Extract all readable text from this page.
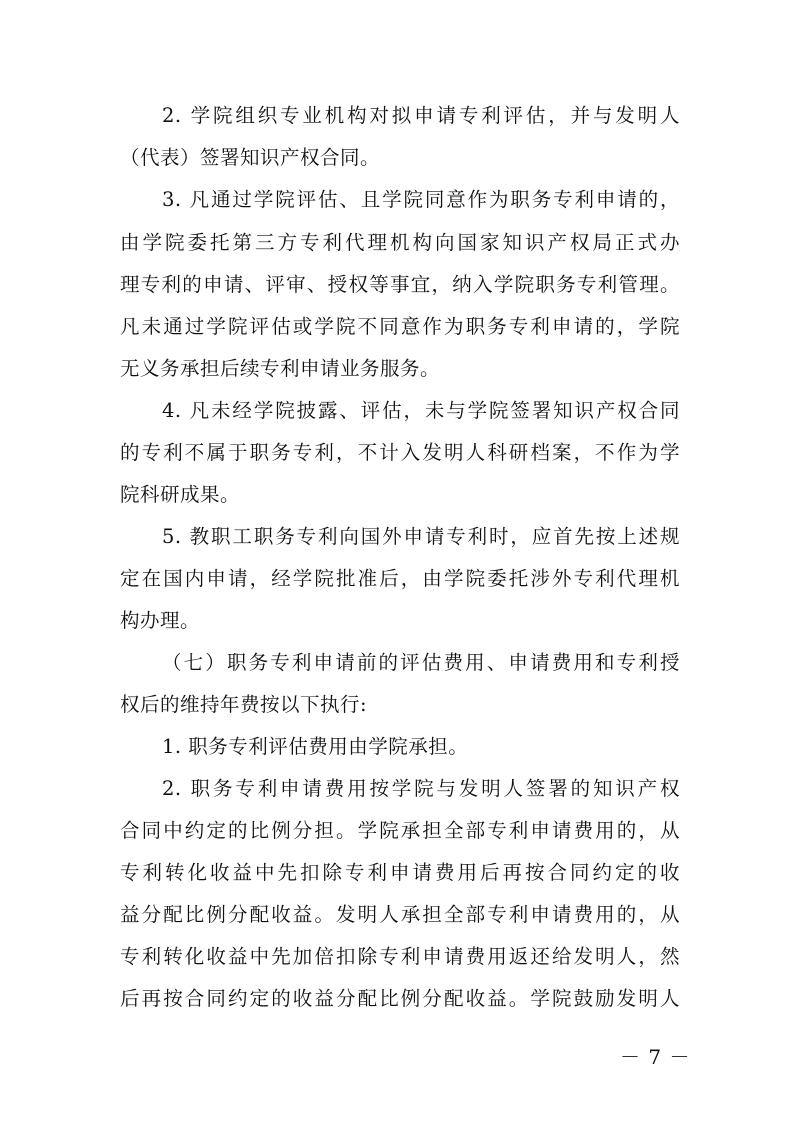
2. 学院组织专业机构对拟申请专利评估，并与发明人
（代表）签署知识产权合同。
3. 凡通过学院评估、且学院同意作为职务专利申请的，
由学院委托第三方专利代理机构向国家知识产权局正式办
理专利的申请、评审、授权等事宜，纳入学院职务专利管理。
凡未通过学院评估或学院不同意作为职务专利申请的，学院
无义务承担后续专利申请业务服务。
4. 凡未经学院披露、评估，未与学院签署知识产权合同
的专利不属于职务专利，不计入发明人科研档案，不作为学
院科研成果。
5. 教职工职务专利向国外申请专利时，应首先按上述规
定在国内申请，经学院批准后，由学院委托涉外专利代理机
构办理。
（七）职务专利申请前的评估费用、申请费用和专利授
权后的维持年费按以下执行:
1. 职务专利评估费用由学院承担。
2. 职务专利申请费用按学院与发明人签署的知识产权
合同中约定的比例分担。学院承担全部专利申请费用的，从
专利转化收益中先扣除专利申请费用后再按合同约定的收
益分配比例分配收益。发明人承担全部专利申请费用的，从
专利转化收益中先加倍扣除专利申请费用返还给发明人，然
后再按合同约定的收益分配比例分配收益。学院鼓励发明人
－ 7 －
